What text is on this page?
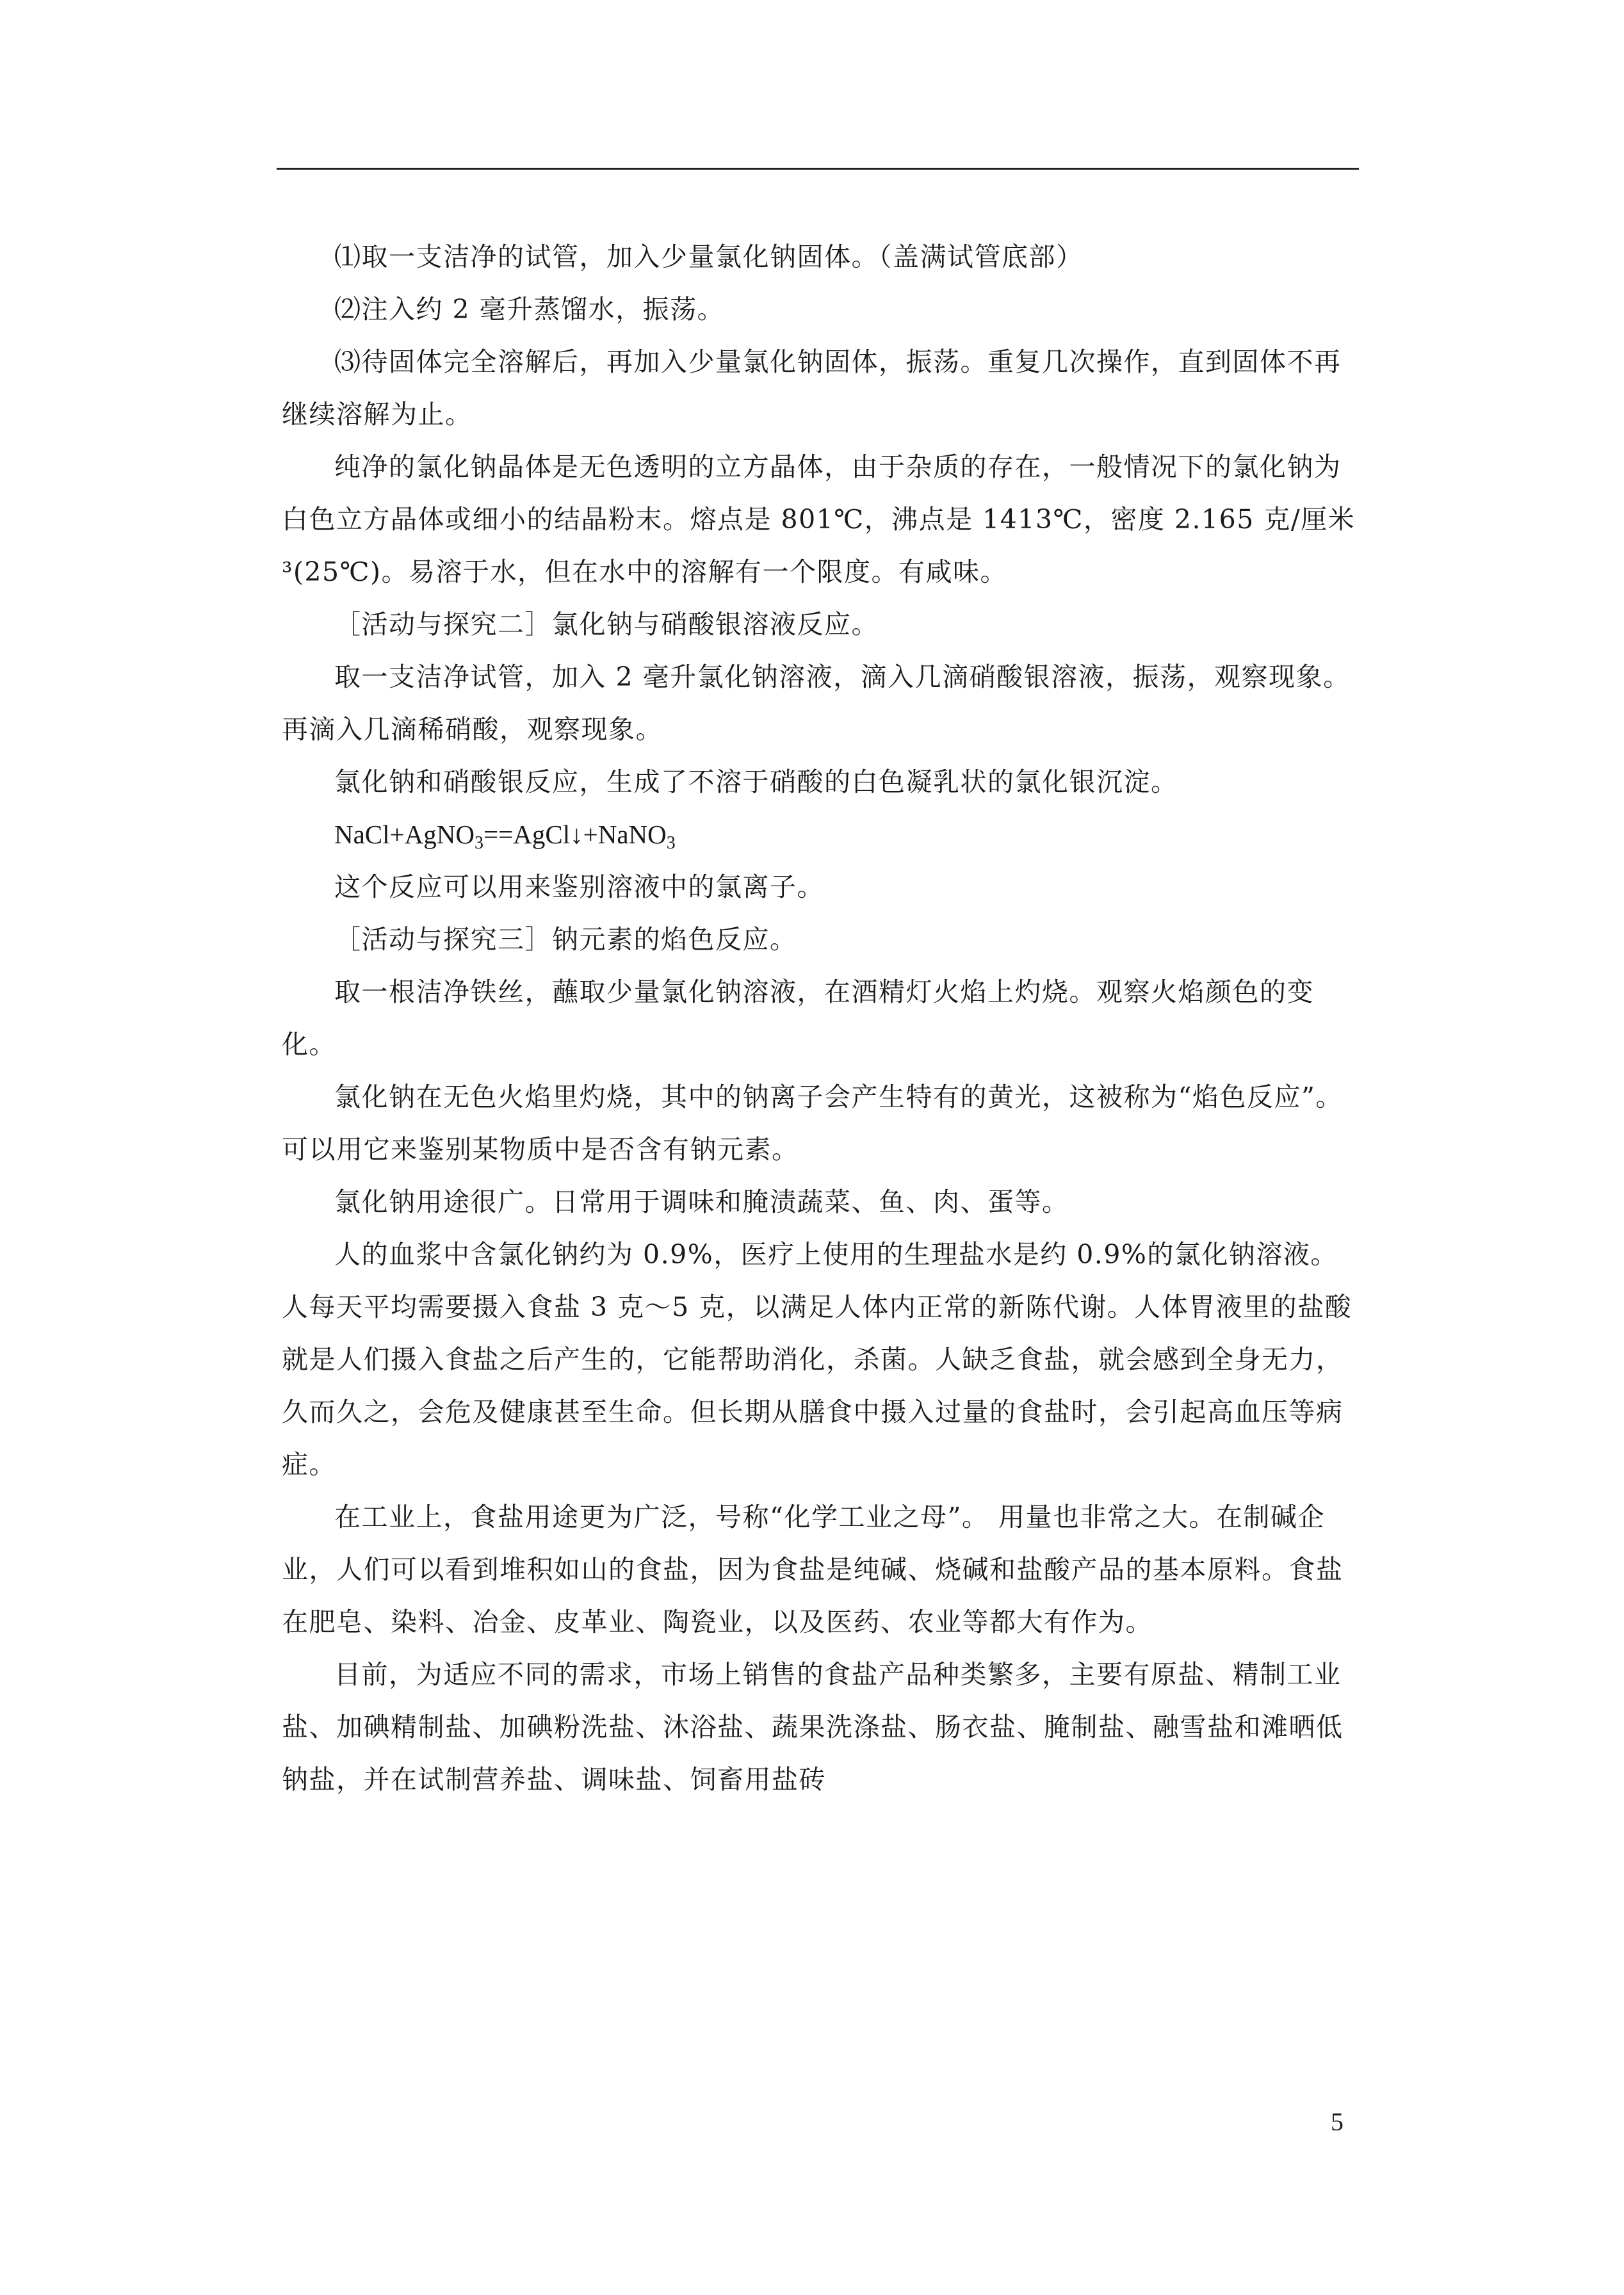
⑴取一支洁净的试管，加入少量氯化钠固体。（盖满试管底部）

⑵注入约 2 毫升蒸馏水，振荡。

⑶待固体完全溶解后，再加入少量氯化钠固体，振荡。重复几次操作，直到固体不再继续溶解为止。

纯净的氯化钠晶体是无色透明的立方晶体，由于杂质的存在，一般情况下的氯化钠为白色立方晶体或细小的结晶粉末。熔点是 801℃，沸点是 1413℃，密度 2.165 克/厘米³(25℃)。易溶于水，但在水中的溶解有一个限度。有咸味。

［活动与探究二］氯化钠与硝酸银溶液反应。

取一支洁净试管，加入 2 毫升氯化钠溶液，滴入几滴硝酸银溶液，振荡，观察现象。再滴入几滴稀硝酸，观察现象。

氯化钠和硝酸银反应，生成了不溶于硝酸的白色凝乳状的氯化银沉淀。

NaCl+AgNO$_3$==AgCl↓+NaNO$_3$

这个反应可以用来鉴别溶液中的氯离子。

［活动与探究三］钠元素的焰色反应。

取一根洁净铁丝，蘸取少量氯化钠溶液，在酒精灯火焰上灼烧。观察火焰颜色的变化。

氯化钠在无色火焰里灼烧，其中的钠离子会产生特有的黄光，这被称为“焰色反应”。可以用它来鉴别某物质中是否含有钠元素。

氯化钠用途很广。日常用于调味和腌渍蔬菜、鱼、肉、蛋等。

人的血浆中含氯化钠约为 0.9%，医疗上使用的生理盐水是约 0.9%的氯化钠溶液。人每天平均需要摄入食盐 3 克～5 克，以满足人体内正常的新陈代谢。人体胃液里的盐酸就是人们摄入食盐之后产生的，它能帮助消化，杀菌。人缺乏食盐，就会感到全身无力，久而久之，会危及健康甚至生命。但长期从膳食中摄入过量的食盐时，会引起高血压等病症。

在工业上，食盐用途更为广泛，号称“化学工业之母”。 用量也非常之大。在制碱企业，人们可以看到堆积如山的食盐，因为食盐是纯碱、烧碱和盐酸产品的基本原料。食盐在肥皂、染料、冶金、皮革业、陶瓷业，以及医药、农业等都大有作为。

目前，为适应不同的需求，市场上销售的食盐产品种类繁多，主要有原盐、精制工业盐、加碘精制盐、加碘粉洗盐、沐浴盐、蔬果洗涤盐、肠衣盐、腌制盐、融雪盐和滩晒低钠盐，并在试制营养盐、调味盐、饲畜用盐砖

5
